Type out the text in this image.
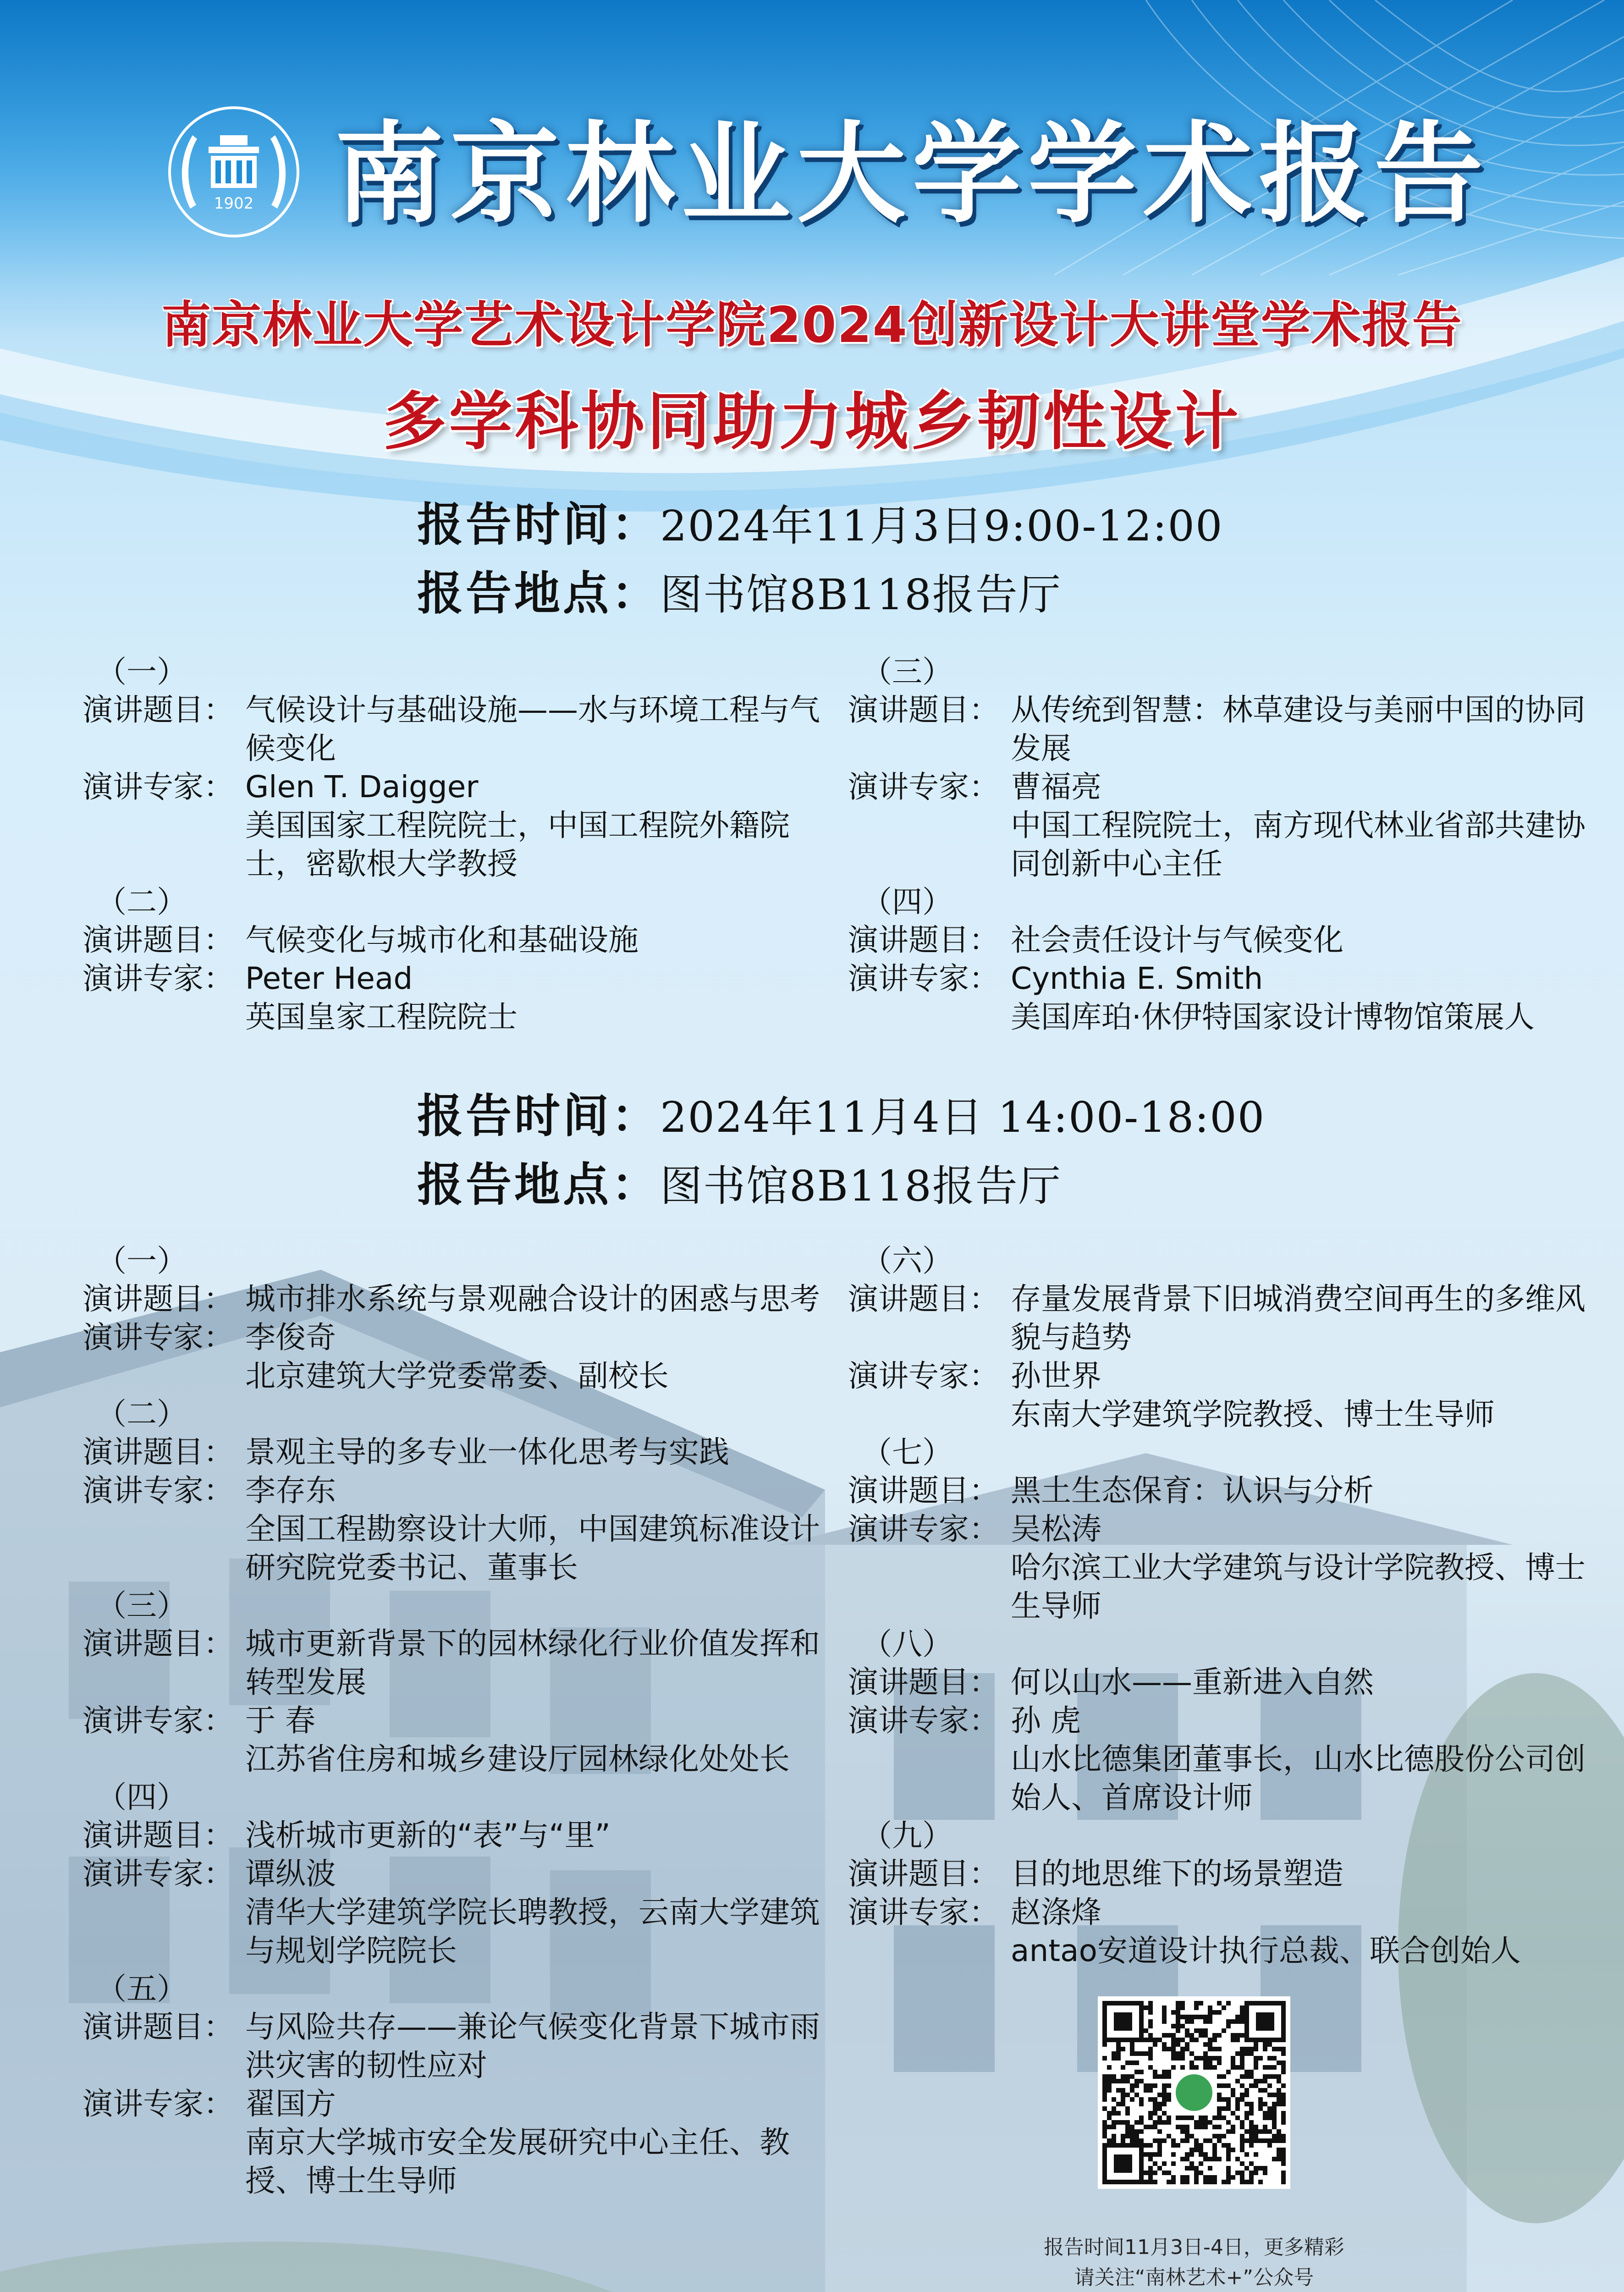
1902 南京林业大学学术报告
南京林业大学艺术设计学院2024创新设计大讲堂学术报告
多学科协同助力城乡韧性设计
报告时间：2024年11月3日9:00-12:00
报告地点：图书馆8B118报告厅
（一）
演讲题目： 气候设计与基础设施——水与环境工程与气候变化
演讲专家： Glen T. Daigger
美国国家工程院院士，中国工程院外籍院士，密歇根大学教授
（二）
演讲题目： 气候变化与城市化和基础设施
演讲专家： Peter Head
英国皇家工程院院士
（三）
演讲题目： 从传统到智慧：林草建设与美丽中国的协同发展
演讲专家： 曹福亮
中国工程院院士，南方现代林业省部共建协同创新中心主任
（四）
演讲题目： 社会责任设计与气候变化
演讲专家： Cynthia E. Smith
美国库珀·休伊特国家设计博物馆策展人
报告时间：2024年11月4日 14:00-18:00
报告地点：图书馆8B118报告厅
（一）
演讲题目： 城市排水系统与景观融合设计的困惑与思考
演讲专家： 李俊奇
北京建筑大学党委常委、副校长
（二）
演讲题目： 景观主导的多专业一体化思考与实践
演讲专家： 李存东
全国工程勘察设计大师，中国建筑标准设计研究院党委书记、董事长
（三）
演讲题目： 城市更新背景下的园林绿化行业价值发挥和转型发展
演讲专家： 于 春
江苏省住房和城乡建设厅园林绿化处处长
（四）
演讲题目： 浅析城市更新的“表”与“里”
演讲专家： 谭纵波
清华大学建筑学院长聘教授，云南大学建筑与规划学院院长
（五）
演讲题目： 与风险共存——兼论气候变化背景下城市雨洪灾害的韧性应对
演讲专家： 翟国方
南京大学城市安全发展研究中心主任、教授、博士生导师
（六）
演讲题目： 存量发展背景下旧城消费空间再生的多维风貌与趋势
演讲专家： 孙世界
东南大学建筑学院教授、博士生导师
（七）
演讲题目： 黑土生态保育：认识与分析
演讲专家： 吴松涛
哈尔滨工业大学建筑与设计学院教授、博士生导师
（八）
演讲题目： 何以山水——重新进入自然
演讲专家： 孙 虎
山水比德集团董事长，山水比德股份公司创始人、首席设计师
（九）
演讲题目： 目的地思维下的场景塑造
演讲专家： 赵涤烽
antao安道设计执行总裁、联合创始人
报告时间11月3日-4日，更多精彩
请关注“南林艺术+”公众号
